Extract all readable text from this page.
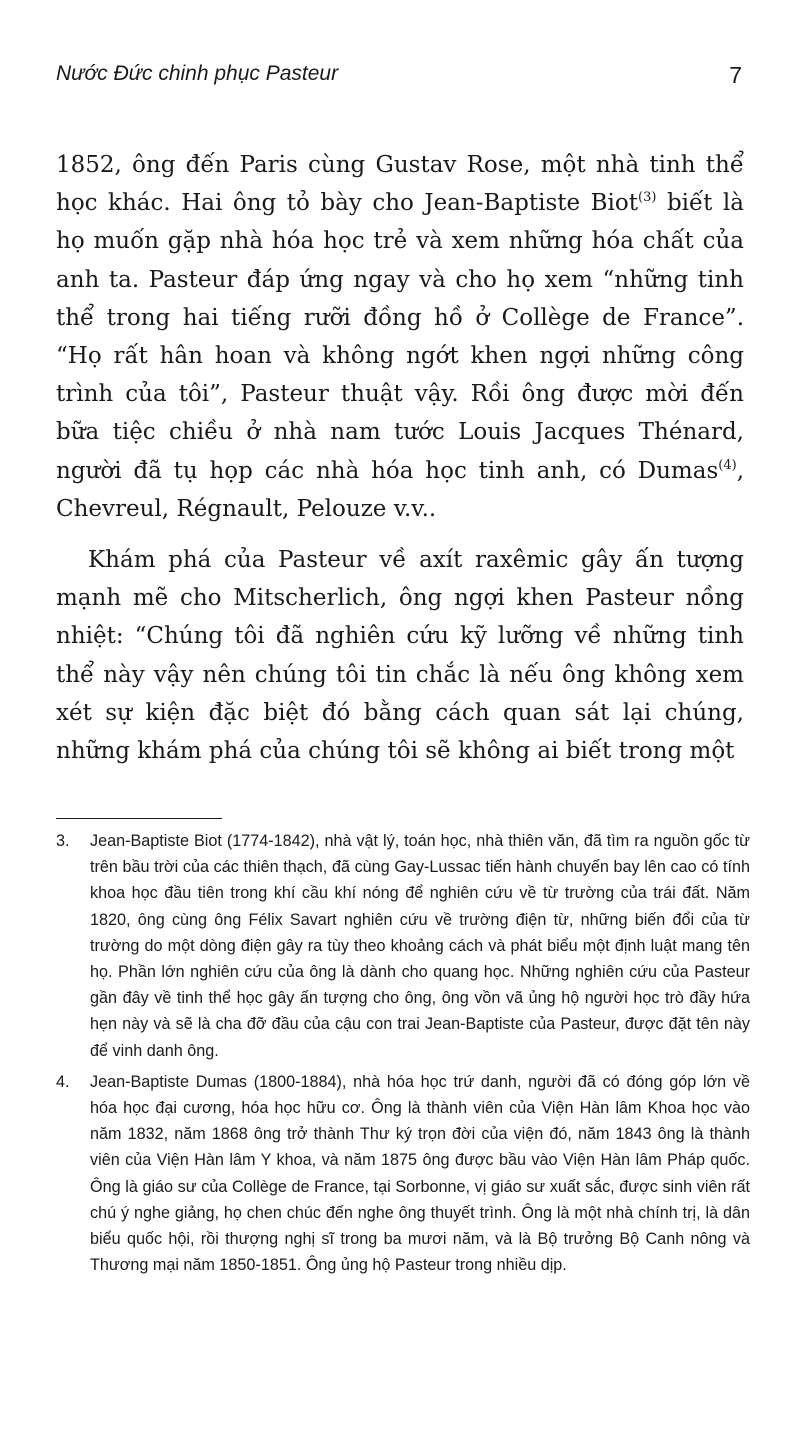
Nước Đức chinh phục Pasteur	7

1852, ông đến Paris cùng Gustav Rose, một nhà tinh thể học khác. Hai ông tỏ bày cho Jean-Baptiste Biot$^{(3)}$ biết là họ muốn gặp nhà hóa học trẻ và xem những hóa chất của anh ta. Pasteur đáp ứng ngay và cho họ xem “những tinh thể trong hai tiếng rưỡi đồng hồ ở Collège de France”. “Họ rất hân hoan và không ngớt khen ngợi những công trình của tôi”, Pasteur thuật vậy. Rồi ông được mời đến bữa tiệc chiều ở nhà nam tước Louis Jacques Thénard, người đã tụ họp các nhà hóa học tinh anh, có Dumas$^{(4)}$, Chevreul, Régnault, Pelouze v.v..

Khám phá của Pasteur về axít raxêmic gây ấn tượng mạnh mẽ cho Mitscherlich, ông ngợi khen Pasteur nồng nhiệt: “Chúng tôi đã nghiên cứu kỹ lưỡng về những tinh thể này vậy nên chúng tôi tin chắc là nếu ông không xem xét sự kiện đặc biệt đó bằng cách quan sát lại chúng, những khám phá của chúng tôi sẽ không ai biết trong một

3.	Jean-Baptiste Biot (1774-1842), nhà vật lý, toán học, nhà thiên văn, đã tìm ra nguồn gốc từ trên bầu trời của các thiên thạch, đã cùng Gay-Lussac tiến hành chuyến bay lên cao có tính khoa học đầu tiên trong khí cầu khí nóng để nghiên cứu về từ trường của trái đất. Năm 1820, ông cùng ông Félix Savart nghiên cứu về trường điện từ, những biến đổi của từ trường do một dòng điện gây ra tùy theo khoảng cách và phát biểu một định luật mang tên họ. Phần lớn nghiên cứu của ông là dành cho quang học. Những nghiên cứu của Pasteur gần đây về tinh thể học gây ấn tượng cho ông, ông vồn vã ủng hộ người học trò đầy hứa hẹn này và sẽ là cha đỡ đầu của cậu con trai Jean-Baptiste của Pasteur, được đặt tên này để vinh danh ông.
4.	Jean-Baptiste Dumas (1800-1884), nhà hóa học trứ danh, người đã có đóng góp lớn về hóa học đại cương, hóa học hữu cơ. Ông là thành viên của Viện Hàn lâm Khoa học vào năm 1832, năm 1868 ông trở thành Thư ký trọn đời của viện đó, năm 1843 ông là thành viên của Viện Hàn lâm Y khoa, và năm 1875 ông được bầu vào Viện Hàn lâm Pháp quốc. Ông là giáo sư của Collège de France, tại Sorbonne, vị giáo sư xuất sắc, được sinh viên rất chú ý nghe giảng, họ chen chúc đến nghe ông thuyết trình. Ông là một nhà chính trị, là dân biểu quốc hội, rồi thượng nghị sĩ trong ba mươi năm, và là Bộ trưởng Bộ Canh nông và Thương mại năm 1850-1851. Ông ủng hộ Pasteur trong nhiều dịp.
